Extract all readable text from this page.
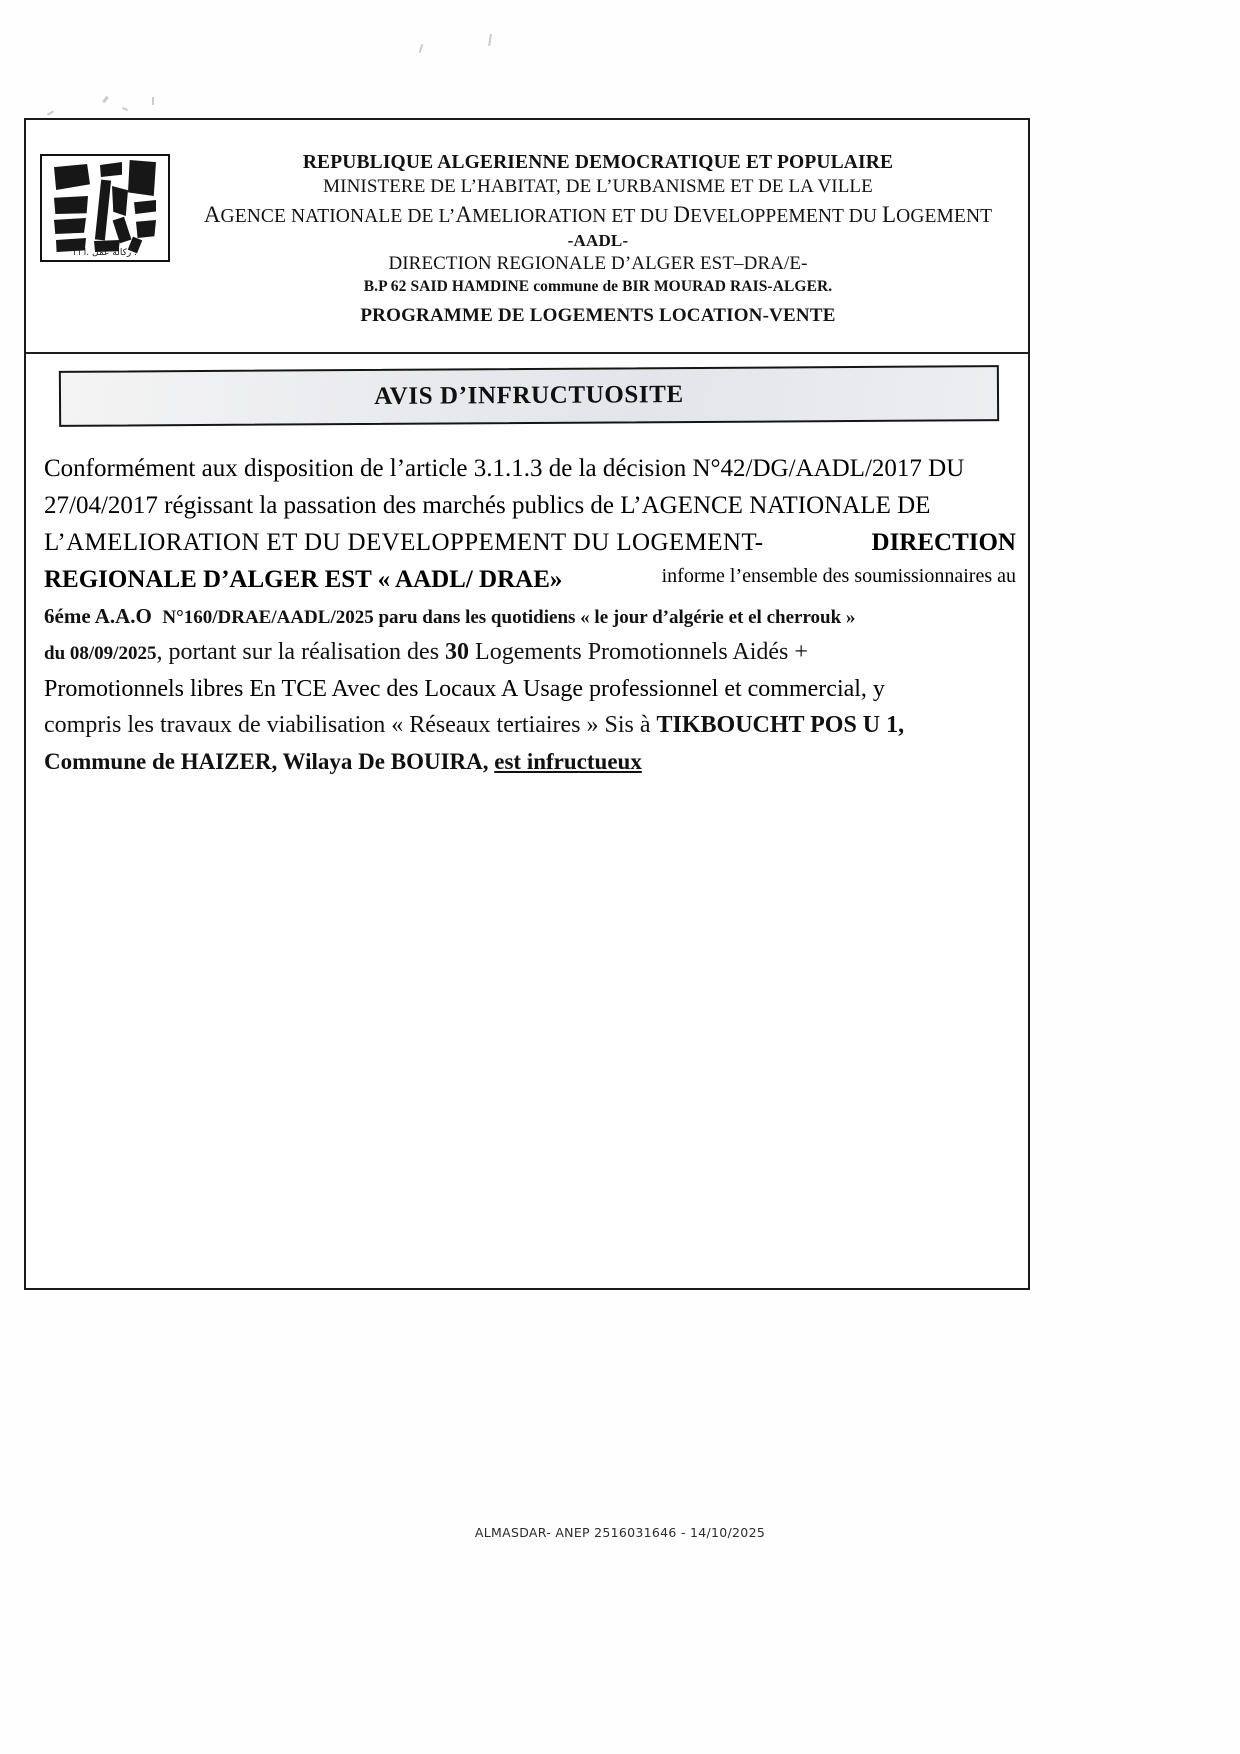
رکالة عمل .ا ا ا .
REPUBLIQUE ALGERIENNE DEMOCRATIQUE ET POPULAIRE
MINISTERE DE L’HABITAT, DE L’URBANISME ET DE LA VILLE
AGENCE NATIONALE DE L’AMELIORATION ET DU DEVELOPPEMENT DU LOGEMENT
-AADL-
DIRECTION REGIONALE D’ALGER EST–DRA/E-
B.P 62 SAID HAMDINE commune de BIR MOURAD RAIS-ALGER.
PROGRAMME DE LOGEMENTS LOCATION-VENTE
AVIS D’INFRUCTUOSITE
Conformément aux disposition de l’article 3.1.1.3 de la décision N°42/DG/AADL/2017 DU
27/04/2017 régissant la passation des marchés publics de L’AGENCE NATIONALE DE
L’AMELIORATION ET DU DEVELOPPEMENT DU LOGEMENT-	DIRECTION
REGIONALE D’ALGER EST « AADL/ DRAE»	informe l’ensemble des soumissionnaires au
6éme A.A.O N°160/DRAE/AADL/2025 paru dans les quotidiens « le jour d’algérie et el cherrouk »
du 08/09/2025, portant sur la réalisation des 30 Logements Promotionnels Aidés +
Promotionnels libres En TCE Avec des Locaux A Usage professionnel et commercial, y
compris les travaux de viabilisation « Réseaux tertiaires » Sis à TIKBOUCHT POS U 1,
Commune de HAIZER, Wilaya De BOUIRA, est infructueux
ALMASDAR- ANEP 2516031646 - 14/10/2025
